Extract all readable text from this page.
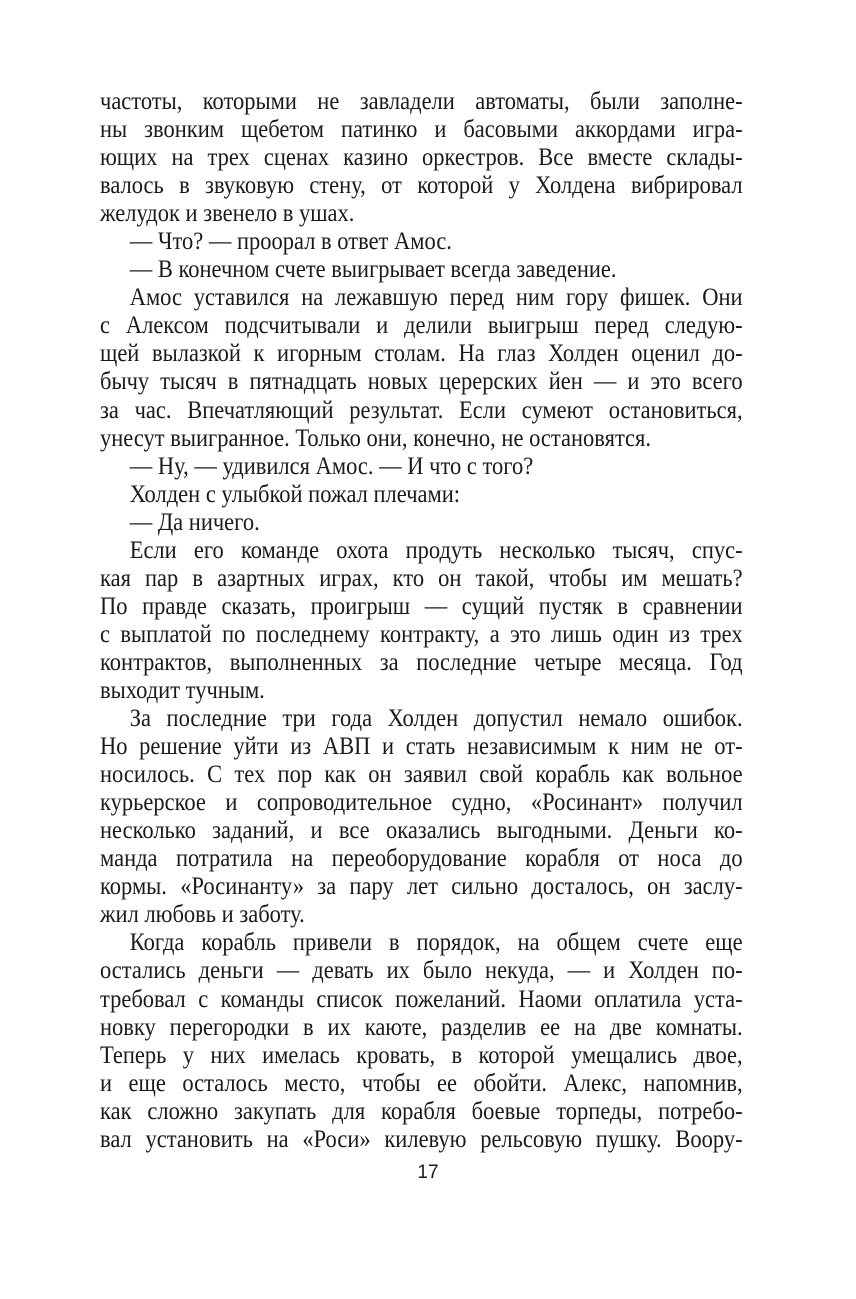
частоты, которыми не завладели автоматы, были заполне-
ны звонким щебетом патинко и басовыми аккордами игра-
ющих на трех сценах казино оркестров. Все вместе склады-
валось в звуковую стену, от которой у Холдена вибрировал
желудок и звенело в ушах.
— Что? — проорал в ответ Амос.
— В конечном счете выигрывает всегда заведение.
Амос уставился на лежавшую перед ним гору фишек. Они
с Алексом подсчитывали и делили выигрыш перед следую-
щей вылазкой к игорным столам. На глаз Холден оценил до-
бычу тысяч в пятнадцать новых церерских йен — и это всего
за час. Впечатляющий результат. Если сумеют остановиться,
унесут выигранное. Только они, конечно, не остановятся.
— Ну, — удивился Амос. — И что с того?
Холден с улыбкой пожал плечами:
— Да ничего.
Если его команде охота продуть несколько тысяч, спус-
кая пар в азартных играх, кто он такой, чтобы им мешать?
По правде сказать, проигрыш — сущий пустяк в сравнении
с выплатой по последнему контракту, а это лишь один из трех
контрактов, выполненных за последние четыре месяца. Год
выходит тучным.
За последние три года Холден допустил немало ошибок.
Но решение уйти из АВП и стать независимым к ним не от-
носилось. С тех пор как он заявил свой корабль как вольное
курьерское и сопроводительное судно, «Росинант» получил
несколько заданий, и все оказались выгодными. Деньги ко-
манда потратила на переоборудование корабля от носа до
кормы. «Росинанту» за пару лет сильно досталось, он заслу-
жил любовь и заботу.
Когда корабль привели в порядок, на общем счете еще
остались деньги — девать их было некуда, — и Холден по-
требовал с команды список пожеланий. Наоми оплатила уста-
новку перегородки в их каюте, разделив ее на две комнаты.
Теперь у них имелась кровать, в которой умещались двое,
и еще осталось место, чтобы ее обойти. Алекс, напомнив,
как сложно закупать для корабля боевые торпеды, потребо-
вал установить на «Роси» килевую рельсовую пушку. Воору-
17
